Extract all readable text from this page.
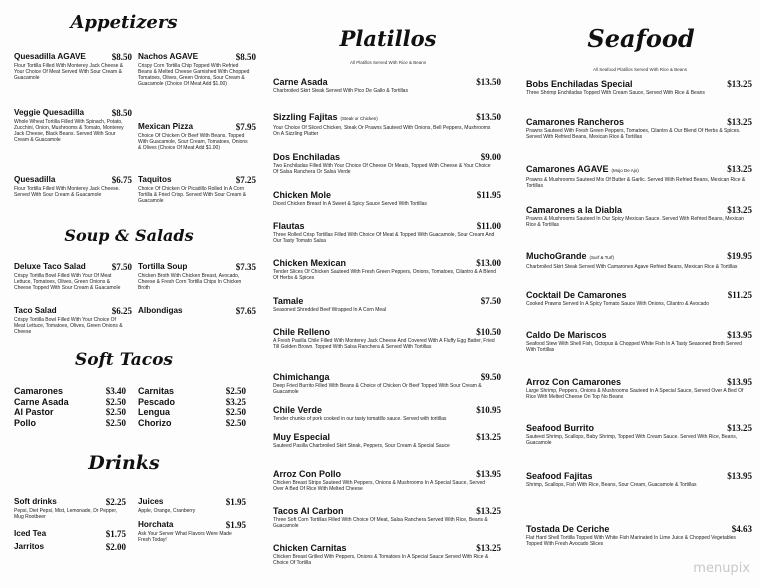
Appetizers
Quesadilla AGAVE	$8.50
Flour Tortilla Filled With Monterey Jack Cheese & Your Choice Of Meat Served With Sour Cream & Guacamole
Nachos AGAVE	$8.50
Crispy Corn Tortilla Chip Topped With Refried Beans & Melted Cheese Garnished With Chopped Tomatoes, Olives, Green Onions, Sour Cream & Guacamole (Choice Of Meat Add $1.00)
Veggie Quesadilla	$8.50
Whole Wheat Tortilla Filled With Spinach, Potato, Zucchini, Onion, Mushrooms & Tomato, Monterey Jack Cheese, Black Beans. Served With Sour Cream & Guacamole
Mexican Pizza	$7.95
Choice Of Chicken Or Beef With Beans. Topped With Guacamole, Sour Cream, Tomatoes, Onions & Olives (Choice Of Meat Add $1.00)
Quesadilla	$6.75
Flour Tortilla Filled With Monterey Jack Cheese. Served With Sour Cream & Guacamole
Taquitos	$7.25
Choice Of Chicken Or Picadillo Rolled In A Corn Tortilla & Fried Crisp. Served With Sour Cream & Guacamole
Soup & Salads
Deluxe Taco Salad	$7.50
Crispy Tortilla Bowl Filled With Your Of Meat Lettuce, Tomatoes, Olives, Green Onions & Cheese Topped With Sour Cream & Guacamole
Tortilla Soup	$7.35
Chicken Broth With Chicken Breast, Avocado, Cheese & Fresh Corn Tortilla Chips In Chicken Broth
Taco Salad	$6.25
Crispy Tortilla Bowl Filled With Your Choice Of Meat Lettuce, Tomatoes, Olives, Green Onions & Cheese
Albondigas	$7.65
Soft Tacos
Camarones	$3.40
Carne Asada	$2.50
Al Pastor	$2.50
Pollo	$2.50
Carnitas	$2.50
Pescado	$3.25
Lengua	$2.50
Chorizo	$2.50
Drinks
Soft drinks	$2.25
Pepsi, Diet Pepsi, Mist, Lemonade, Dr Pepper, Mug Rootbeer
Iced Tea	$1.75
Jarritos	$2.00
Juices	$1.95
Apple, Orange, Cranberry
Horchata	$1.95
Ask Your Server What Flavors Were Made Fresh Today!
Platillos
All Platillos Served With Rice & Beans
Carne Asada	$13.50
Charbroiled Skirt Steak Served With Pico De Gallo & Tortillas
Sizzling Fajitas (Steak or Chicken)	$13.50
Your Choice Of Sliced Chicken, Steak Or Prawns Sauteed With Onions, Bell Peppers, Mushrooms On A Sizzling Platter
Dos Enchiladas	$9.00
Two Enchiladas Filled With Your Choice Of Cheese Or Meats, Topped With Cheese & Your Choice Of Salsa Ranchera Or Salsa Verde
Chicken Mole	$11.95
Diced Chicken Breast In A Sweet & Spicy Sauce Served With Tortillas
Flautas	$11.00
Three Rolled Crisp Tortillas Filled With Choice Of Meat & Topped With Guacamole, Sour Cream And Our Tasty Tomato Salsa
Chicken Mexican	$13.00
Tender Slices Of Chicken Sauteed With Fresh Green Peppers, Onions, Tomatoes, Cilantro & A Blend Of Herbs & Spices
Tamale	$7.50
Seasoned Shredded Beef Wrapped In A Corn Meal
Chile Relleno	$10.50
A Fresh Pasilla Chile Filled With Monterey Jack Cheese And Covered With A Fluffy Egg Batter, Fried Till Golden Brown. Topped With Salsa Ranchera & Served With Tortillas
Chimichanga	$9.50
Deep Fried Burrito Filled With Beans & Choice of Chicken Or Beef Topped With Sour Cream & Guacamole
Chile Verde	$10.95
Tender chunks of pork cooked in our tasty tomatillo sauce. Served with tortillas
Muy Especial	$13.25
Sauteed Pasilla Charbroiled Skirt Steak, Peppers, Sour Cream & Special Sauce
Arroz Con Pollo	$13.95
Chicken Breast Strips Sauteed With Peppers, Onions & Mushrooms In A Special Sauce, Served Over A Bed Of Rice With Melted Cheese
Tacos Al Carbon	$13.25
Three Soft Corn Tortillas Filled With Choice Of Meat, Salsa Ranchera Served With Rice, Beans & Guacamole
Chicken Carnitas	$13.25
Chicken Breast Grilled With Peppers, Onions & Tomatoes In A Special Sauce Served With Rice & Choice Of Tortilla
Seafood
All Seafood Platillos Served With Rice & Beans
Bobs Enchiladas Special	$13.25
Three Shrimp Enchiladas Topped With Cream Sauce, Served With Rice & Beans
Camarones Rancheros	$13.25
Prawns Sauteed With Fresh Green Peppers, Tomatoes, Cilantro & Our Blend Of Herbs & Spices. Served With Refried Beans, Mexican Rice & Tortillas
Camarones AGAVE (Mojo De Ajo)	$13.25
Prawns & Mushrooms Sauteed Mix Of Butter & Garlic. Served With Refried Beans, Mexican Rice & Tortillas
Camarones a la Diabla	$13.25
Prawns & Mushrooms Sauteed In Our Spicy Mexican Sauce. Served With Refried Beans, Mexican Rice & Tortillas
MuchoGrande (Surf & Turf)	$19.95
Charbroiled Skirt Steak Served With Camarones Agave Refried Beans, Mexican Rice & Tortillas
Cocktail De Camarones	$11.25
Cooked Prawns Served In A Spicy Tomato Sauce With Onions, Cilantro & Avocado
Caldo De Mariscos	$13.95
Seafood Stew With Shell Fish, Octopus & Chopped White Fish In A Tasty Seasoned Broth Served With Tortillas
Arroz Con Camarones	$13.95
Large Shrimp, Peppers, Onions & Mushrooms Sauteed In A Special Sauce, Served Over A Bed Of Rice With Melted Cheese On Top No Beans
Seafood Burrito	$13.25
Sauteed Shrimp, Scallops, Baby Shrimp, Topped With Cream Sauce. Served With Rice, Beans, Guacamole
Seafood Fajitas	$13.95
Shrimp, Scallops, Fish With Rice, Beans, Sour Cream, Guacamole & Tortillas
Tostada De Ceriche	$4.63
Flat Hard Shell Tortilla Topped With White Fish Marinated In Lime Juice & Chopped Vegetables Topped With Fresh Avocado Slices
menupix
